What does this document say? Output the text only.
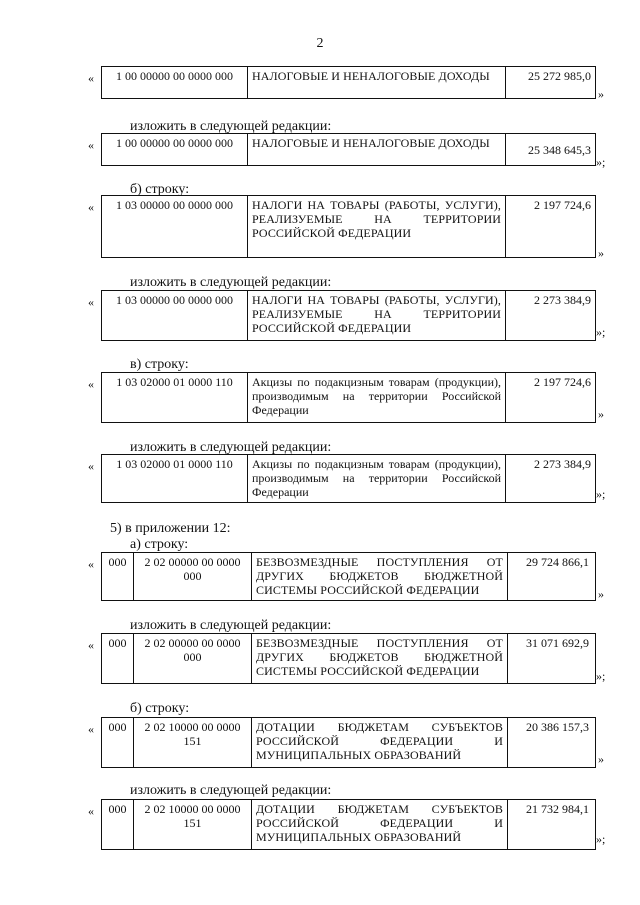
2
« 1 00 00000 00 0000 000	НАЛОГОВЫЕ И НЕНАЛОГОВЫЕ ДОХОДЫ	25 272 985,0
»
изложить в следующей редакции:
« 1 00 00000 00 0000 000	НАЛОГОВЫЕ И НЕНАЛОГОВЫЕ ДОХОДЫ	25 348 645,3
»;
б) строку:
« 1 03 00000 00 0000 000	НАЛОГИ НА ТОВАРЫ (РАБОТЫ, УСЛУГИ), РЕАЛИЗУЕМЫЕ НА ТЕРРИТОРИИ РОССИЙСКОЙ ФЕДЕРАЦИИ	2 197 724,6
»
изложить в следующей редакции:
« 1 03 00000 00 0000 000	НАЛОГИ НА ТОВАРЫ (РАБОТЫ, УСЛУГИ), РЕАЛИЗУЕМЫЕ НА ТЕРРИТОРИИ РОССИЙСКОЙ ФЕДЕРАЦИИ	2 273 384,9
»;
в) строку:
« 1 03 02000 01 0000 110	Акцизы по подакцизным товарам (продукции), производимым на территории Российской Федерации	2 197 724,6
»
изложить в следующей редакции:
« 1 03 02000 01 0000 110	Акцизы по подакцизным товарам (продукции), производимым на территории Российской Федерации	2 273 384,9
»;
5) в приложении 12:
а) строку:
« 000	2 02 00000 00 0000 000	БЕЗВОЗМЕЗДНЫЕ ПОСТУПЛЕНИЯ ОТ ДРУГИХ БЮДЖЕТОВ БЮДЖЕТНОЙ СИСТЕМЫ РОССИЙСКОЙ ФЕДЕРАЦИИ	29 724 866,1
»
изложить в следующей редакции:
« 000	2 02 00000 00 0000 000	БЕЗВОЗМЕЗДНЫЕ ПОСТУПЛЕНИЯ ОТ ДРУГИХ БЮДЖЕТОВ БЮДЖЕТНОЙ СИСТЕМЫ РОССИЙСКОЙ ФЕДЕРАЦИИ	31 071 692,9
»;
б) строку:
« 000	2 02 10000 00 0000 151	ДОТАЦИИ БЮДЖЕТАМ СУБЪЕКТОВ РОССИЙСКОЙ ФЕДЕРАЦИИ И МУНИЦИПАЛЬНЫХ ОБРАЗОВАНИЙ	20 386 157,3
»
изложить в следующей редакции:
« 000	2 02 10000 00 0000 151	ДОТАЦИИ БЮДЖЕТАМ СУБЪЕКТОВ РОССИЙСКОЙ ФЕДЕРАЦИИ И МУНИЦИПАЛЬНЫХ ОБРАЗОВАНИЙ	21 732 984,1
»;
